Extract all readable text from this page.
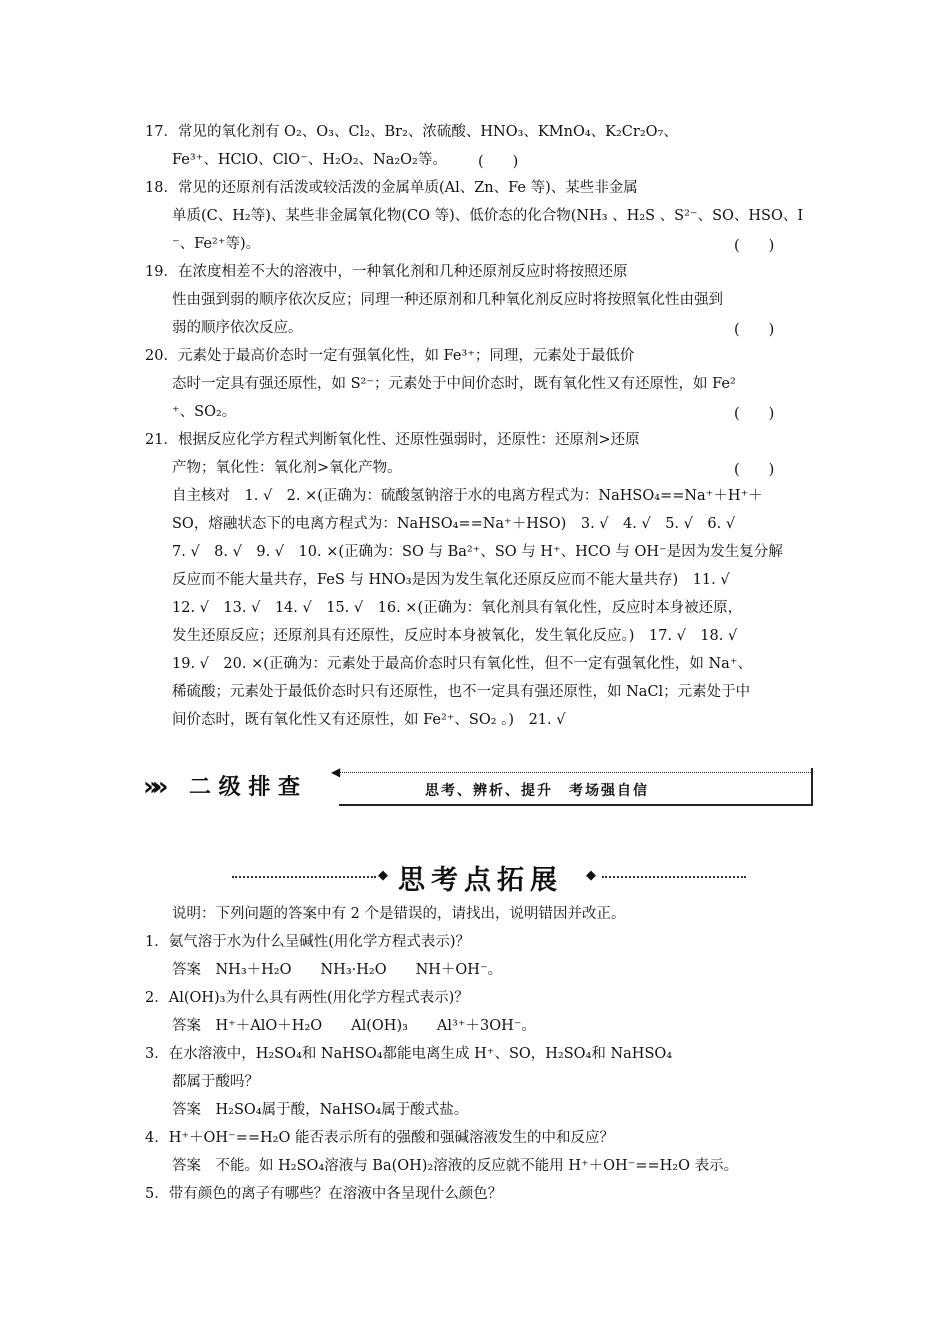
17．常见的氧化剂有 O₂、O₃、Cl₂、Br₂、浓硫酸、HNO₃、KMnO₄、K₂Cr₂O₇、
Fe³⁺、HClO、ClO⁻、H₂O₂、Na₂O₂等。 (　　)
18．常见的还原剂有活泼或较活泼的金属单质(Al、Zn、Fe 等)、某些非金属
单质(C、H₂等)、某些非金属氧化物(CO 等)、低价态的化合物(NH₃ 、H₂S 、S²⁻、SO、HSO、I
⁻、Fe²⁺等)。	(　　)
19．在浓度相差不大的溶液中，一种氧化剂和几种还原剂反应时将按照还原
性由强到弱的顺序依次反应；同理一种还原剂和几种氧化剂反应时将按照氧化性由强到
弱的顺序依次反应。	(　　)
20．元素处于最高价态时一定有强氧化性，如 Fe³⁺；同理，元素处于最低价
态时一定具有强还原性，如 S²⁻；元素处于中间价态时，既有氧化性又有还原性，如 Fe²
⁺、SO₂。	(　　)
21．根据反应化学方程式判断氧化性、还原性强弱时，还原性：还原剂>还原
产物；氧化性：氧化剂>氧化产物。	(　　)
自主核对　1. √　2. ×(正确为：硫酸氢钠溶于水的电离方程式为：NaHSO₄==Na⁺＋H⁺＋
SO，熔融状态下的电离方程式为：NaHSO₄==Na⁺＋HSO)　3. √　4. √　5. √　6. √
7. √　8. √　9. √　10. ×(正确为：SO 与 Ba²⁺、SO 与 H⁺、HCO 与 OH⁻是因为发生复分解
反应而不能大量共存，FeS 与 HNO₃是因为发生氧化还原反应而不能大量共存)　11. √
12. √　13. √　14. √　15. √　16. ×(正确为：氧化剂具有氧化性，反应时本身被还原，
发生还原反应；还原剂具有还原性，反应时本身被氧化，发生氧化反应。)　17. √　18. √
19. √　20. ×(正确为：元素处于最高价态时只有氧化性，但不一定有强氧化性，如 Na⁺、
稀硫酸；元素处于最低价态时只有还原性，也不一定具有强还原性，如 NaCl；元素处于中
间价态时，既有氧化性又有还原性，如 Fe²⁺、SO₂ 。)　21. √
»» 二 级 排 查
◀
思考、辨析、提升　考场强自信
◆ 思考点拓展 ◆
说明：下列问题的答案中有 2 个是错误的，请找出，说明错因并改正。
1．氨气溶于水为什么呈碱性(用化学方程式表示)？
答案　NH₃＋H₂O　　NH₃·H₂O　　NH＋OH⁻。
2．Al(OH)₃为什么具有两性(用化学方程式表示)？
答案　H⁺＋AlO＋H₂O　　Al(OH)₃　　Al³⁺＋3OH⁻。
3．在水溶液中，H₂SO₄和 NaHSO₄都能电离生成 H⁺、SO，H₂SO₄和 NaHSO₄
都属于酸吗？
答案　H₂SO₄属于酸，NaHSO₄属于酸式盐。
4．H⁺＋OH⁻==H₂O 能否表示所有的强酸和强碱溶液发生的中和反应？
答案　不能。如 H₂SO₄溶液与 Ba(OH)₂溶液的反应就不能用 H⁺＋OH⁻==H₂O 表示。
5．带有颜色的离子有哪些？在溶液中各呈现什么颜色？
